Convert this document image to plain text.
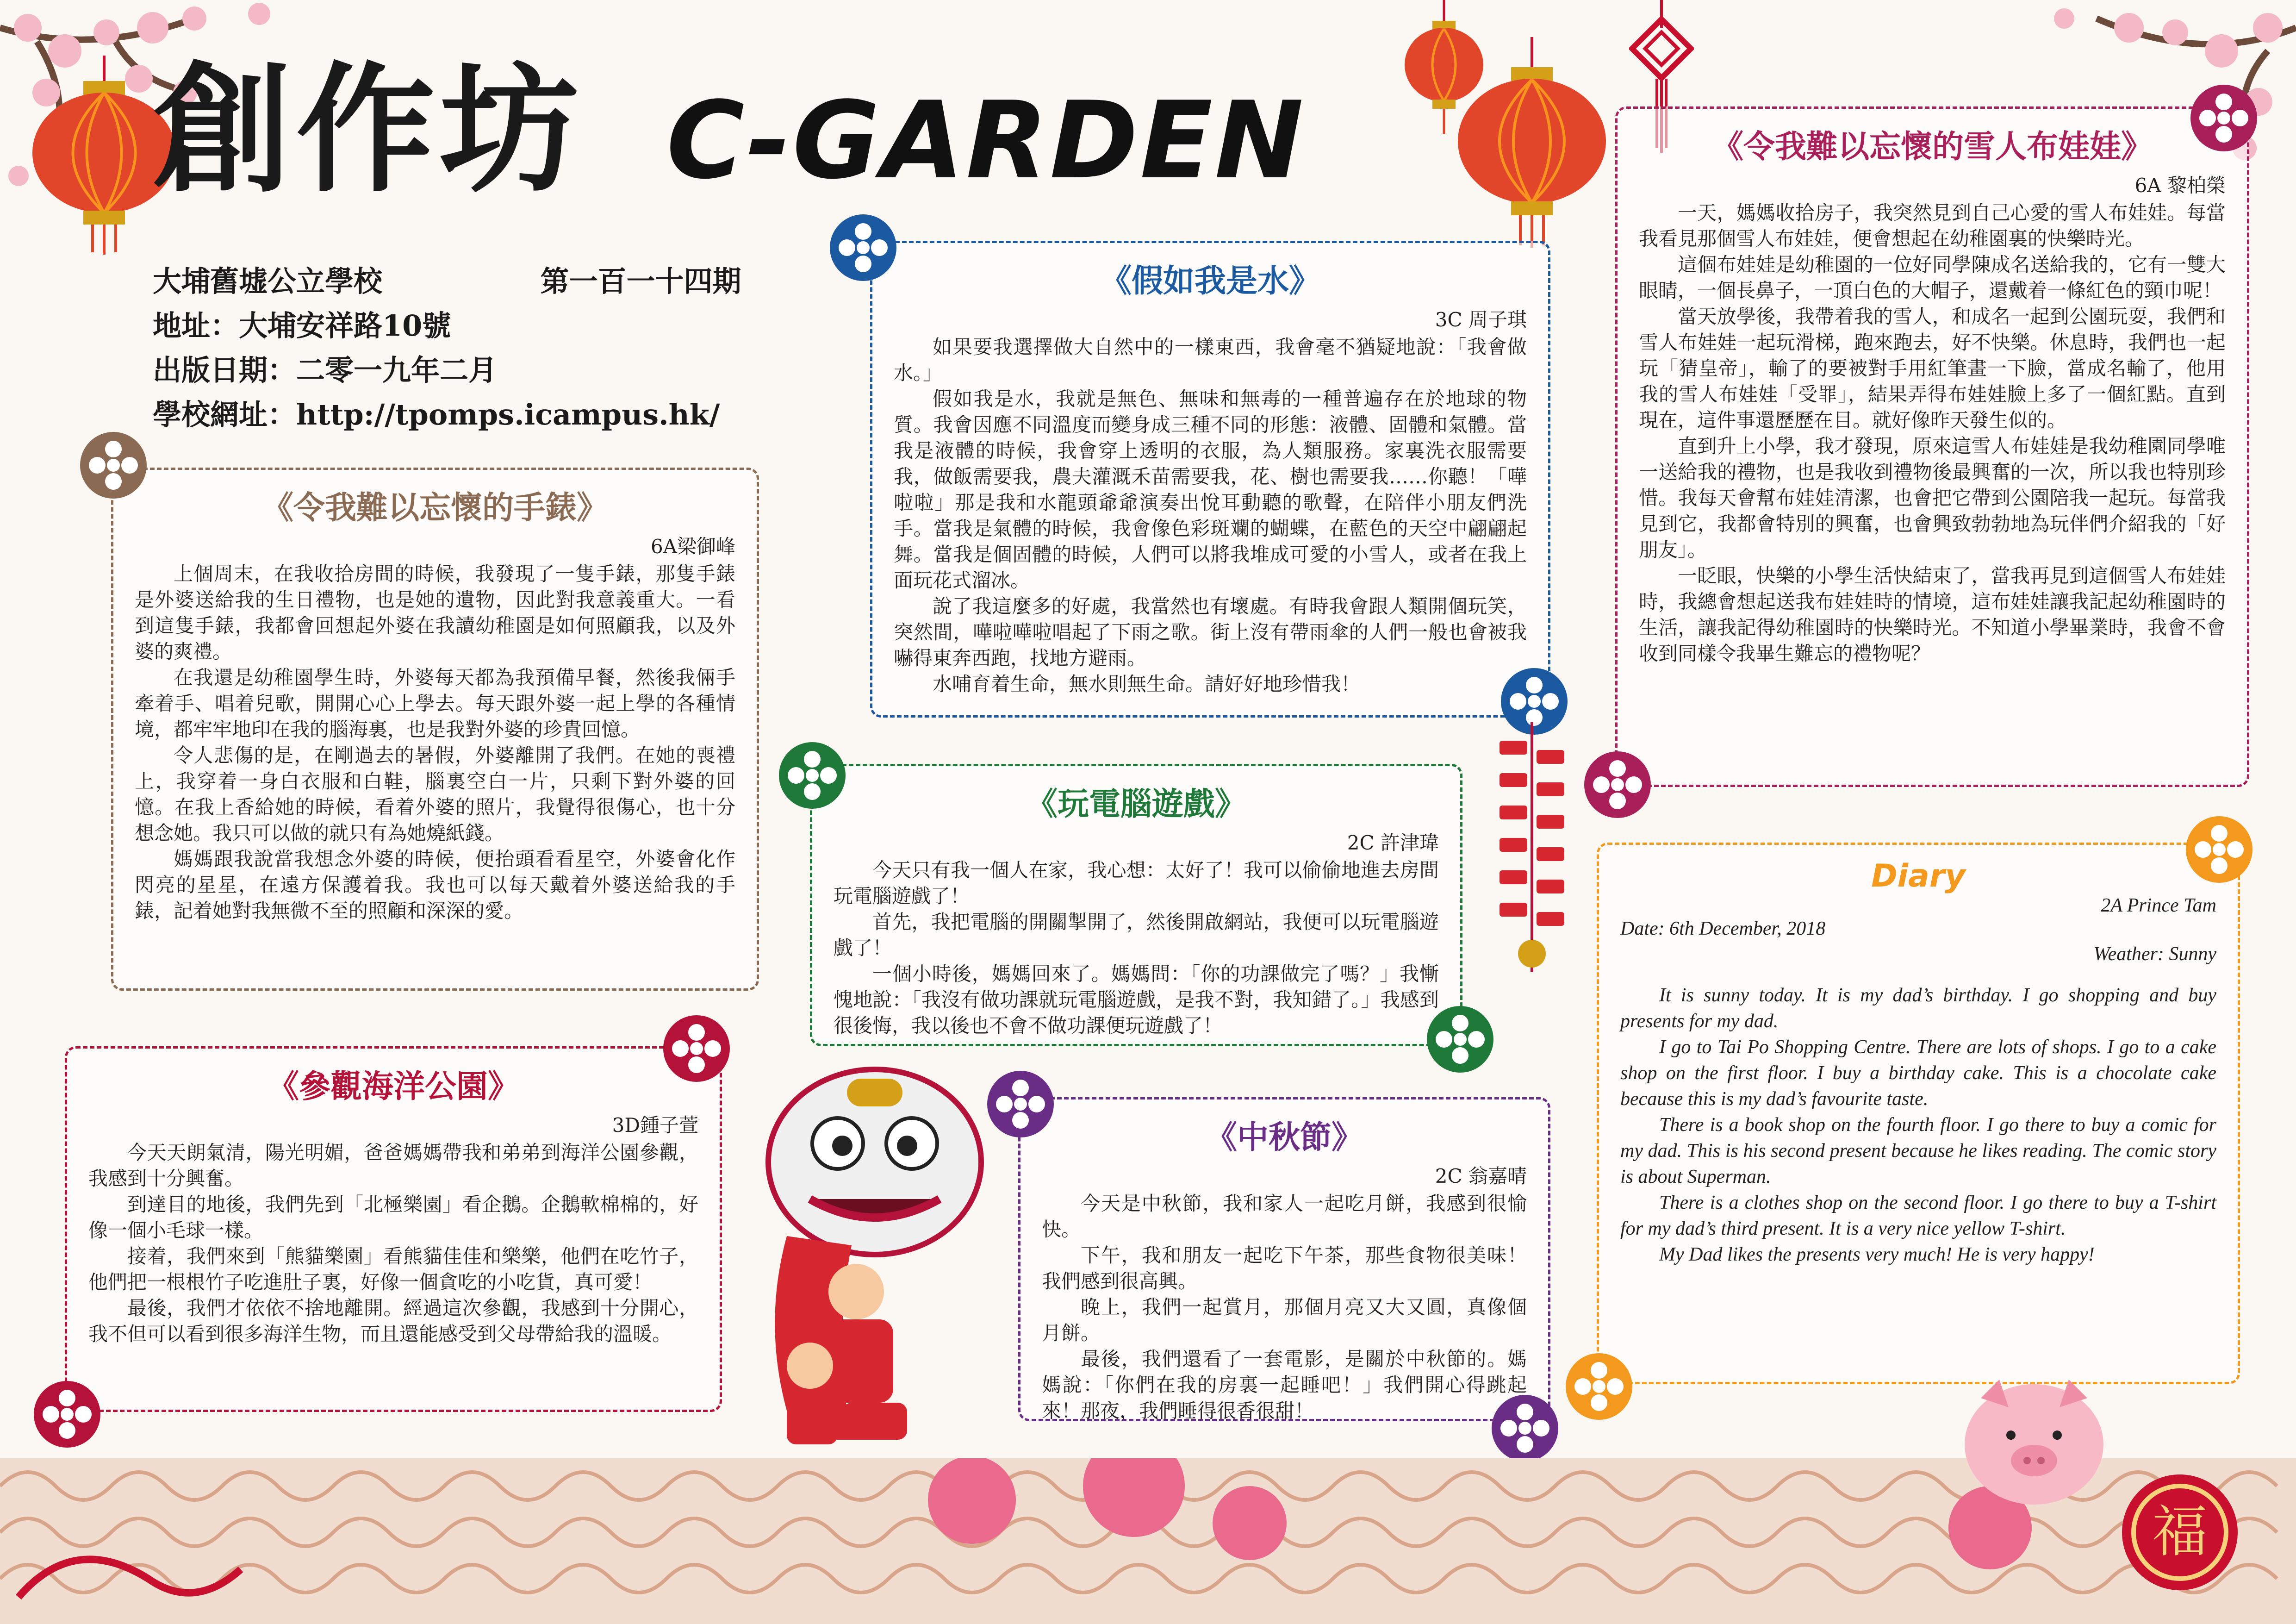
創作坊 C-GARDEN
大埔舊墟公立學校	第一百一十四期
地址：大埔安祥路10號
出版日期：二零一九年二月
學校網址：http://tpomps.icampus.hk/
《令我難以忘懷的手錶》
6A梁御峰

上個周末，在我收拾房間的時候，我發現了一隻手錶，那隻手錶是外婆送給我的生日禮物，也是她的遺物，因此對我意義重大。一看到這隻手錶，我都會回想起外婆在我讀幼稚園是如何照顧我，以及外婆的爽禮。

在我還是幼稚園學生時，外婆每天都為我預備早餐，然後我倆手牽着手、唱着兒歌，開開心心上學去。每天跟外婆一起上學的各種情境，都牢牢地印在我的腦海裏，也是我對外婆的珍貴回憶。

令人悲傷的是，在剛過去的暑假，外婆離開了我們。在她的喪禮上，我穿着一身白衣服和白鞋，腦裏空白一片，只剩下對外婆的回憶。在我上香給她的時候，看着外婆的照片，我覺得很傷心，也十分想念她。我只可以做的就只有為她燒紙錢。

媽媽跟我說當我想念外婆的時候，便抬頭看看星空，外婆會化作閃亮的星星，在遠方保護着我。我也可以每天戴着外婆送給我的手錶，記着她對我無微不至的照顧和深深的愛。

《假如我是水》
3C 周子琪

如果要我選擇做大自然中的一樣東西，我會毫不猶疑地說：「我會做水。」

假如我是水，我就是無色、無味和無毒的一種普遍存在於地球的物質。我會因應不同溫度而變身成三種不同的形態：液體、固體和氣體。當我是液體的時候，我會穿上透明的衣服，為人類服務。家裏洗衣服需要我，做飯需要我，農夫灌溉禾苗需要我，花、樹也需要我……你聽！「嘩啦啦」那是我和水龍頭爺爺演奏出悅耳動聽的歌聲，在陪伴小朋友們洗手。當我是氣體的時候，我會像色彩斑斕的蝴蝶，在藍色的天空中翩翩起舞。當我是個固體的時候，人們可以將我堆成可愛的小雪人，或者在我上面玩花式溜冰。

說了我這麼多的好處，我當然也有壞處。有時我會跟人類開個玩笑，突然間，嘩啦嘩啦唱起了下雨之歌。街上沒有帶雨傘的人們一般也會被我嚇得東奔西跑，找地方避雨。

水哺育着生命，無水則無生命。請好好地珍惜我！

《令我難以忘懷的雪人布娃娃》
6A 黎柏榮

一天，媽媽收拾房子，我突然見到自己心愛的雪人布娃娃。每當我看見那個雪人布娃娃，便會想起在幼稚園裏的快樂時光。

這個布娃娃是幼稚園的一位好同學陳成名送給我的，它有一雙大眼睛，一個長鼻子，一頂白色的大帽子，還戴着一條紅色的頸巾呢！

當天放學後，我帶着我的雪人，和成名一起到公園玩耍，我們和雪人布娃娃一起玩滑梯，跑來跑去，好不快樂。休息時，我們也一起玩「猜皇帝」，輸了的要被對手用紅筆畫一下臉，當成名輸了，他用我的雪人布娃娃「受罪」，結果弄得布娃娃臉上多了一個紅點。直到現在，這件事還歷歷在目。就好像昨天發生似的。

直到升上小學，我才發現，原來這雪人布娃娃是我幼稚園同學唯一送給我的禮物，也是我收到禮物後最興奮的一次，所以我也特別珍惜。我每天會幫布娃娃清潔，也會把它帶到公園陪我一起玩。每當我見到它，我都會特別的興奮，也會興致勃勃地為玩伴們介紹我的「好朋友」。

一眨眼，快樂的小學生活快結束了，當我再見到這個雪人布娃娃時，我總會想起送我布娃娃時的情境，這布娃娃讓我記起幼稚園時的生活，讓我記得幼稚園時的快樂時光。不知道小學畢業時，我會不會收到同樣令我畢生難忘的禮物呢？

《玩電腦遊戲》
2C 許津瑋

今天只有我一個人在家，我心想：太好了！我可以偷偷地進去房間玩電腦遊戲了！

首先，我把電腦的開關掣開了，然後開啟網站，我便可以玩電腦遊戲了！

一個小時後，媽媽回來了。媽媽問：「你的功課做完了嗎？」我慚愧地說：「我沒有做功課就玩電腦遊戲，是我不對，我知錯了。」我感到很後悔，我以後也不會不做功課便玩遊戲了！

《參觀海洋公園》
3D鍾子萱

今天天朗氣清，陽光明媚，爸爸媽媽帶我和弟弟到海洋公園參觀，我感到十分興奮。

到達目的地後，我們先到「北極樂園」看企鵝。企鵝軟棉棉的，好像一個小毛球一樣。

接着，我們來到「熊貓樂園」看熊貓佳佳和樂樂，他們在吃竹子，他們把一根根竹子吃進肚子裏，好像一個貪吃的小吃貨，真可愛！

最後，我們才依依不捨地離開。經過這次參觀，我感到十分開心，我不但可以看到很多海洋生物，而且還能感受到父母帶給我的溫暖。

《中秋節》
2C 翁嘉晴

今天是中秋節，我和家人一起吃月餅，我感到很愉快。

下午，我和朋友一起吃下午茶，那些食物很美味！我們感到很高興。

晚上，我們一起賞月，那個月亮又大又圓，真像個月餅。

最後，我們還看了一套電影，是關於中秋節的。媽媽說：「你們在我的房裏一起睡吧！」我們開心得跳起來！那夜，我們睡得很香很甜！

Diary
2A Prince Tam
Date: 6th December, 2018
Weather: Sunny

It is sunny today. It is my dad’s birthday. I go shopping and buy presents for my dad.

I go to Tai Po Shopping Centre. There are lots of shops. I go to a cake shop on the first floor. I buy a birthday cake. This is a chocolate cake because this is my dad’s favourite taste.

There is a book shop on the fourth floor. I go there to buy a comic for my dad. This is his second present because he likes reading. The comic story is about Superman.

There is a clothes shop on the second floor. I go there to buy a T-shirt for my dad’s third present. It is a very nice yellow T-shirt.

My Dad likes the presents very much! He is very happy!

福
